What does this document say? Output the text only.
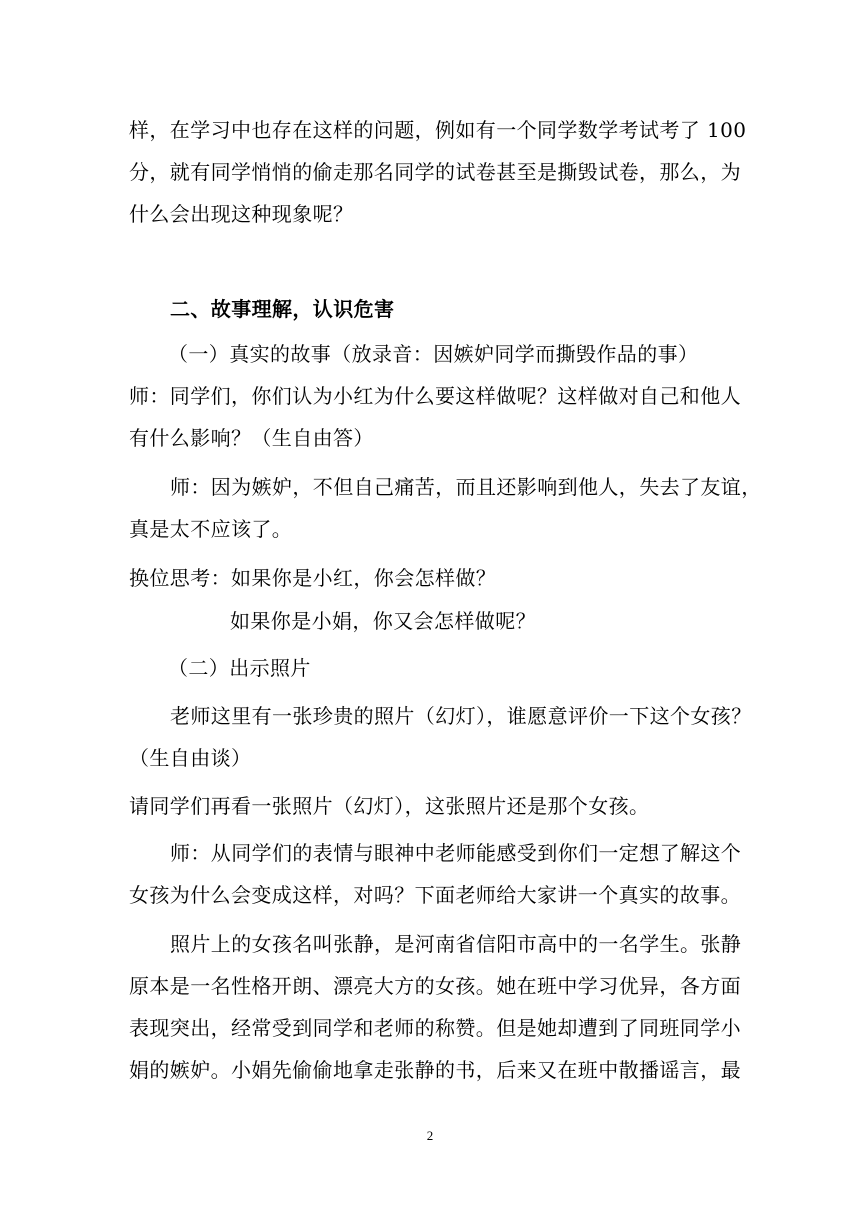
样，在学习中也存在这样的问题，例如有一个同学数学考试考了 100
分，就有同学悄悄的偷走那名同学的试卷甚至是撕毁试卷，那么，为
什么会出现这种现象呢？
二、故事理解，认识危害
（一）真实的故事（放录音：因嫉妒同学而撕毁作品的事）
师：同学们，你们认为小红为什么要这样做呢？这样做对自己和他人
有什么影响？（生自由答）
师：因为嫉妒，不但自己痛苦，而且还影响到他人，失去了友谊，
真是太不应该了。
换位思考：如果你是小红，你会怎样做？
如果你是小娟，你又会怎样做呢？
（二）出示照片
老师这里有一张珍贵的照片（幻灯），谁愿意评价一下这个女孩？
（生自由谈）
请同学们再看一张照片（幻灯），这张照片还是那个女孩。
师：从同学们的表情与眼神中老师能感受到你们一定想了解这个
女孩为什么会变成这样，对吗？下面老师给大家讲一个真实的故事。
照片上的女孩名叫张静，是河南省信阳市高中的一名学生。张静
原本是一名性格开朗、漂亮大方的女孩。她在班中学习优异，各方面
表现突出，经常受到同学和老师的称赞。但是她却遭到了同班同学小
娟的嫉妒。小娟先偷偷地拿走张静的书，后来又在班中散播谣言，最
2
